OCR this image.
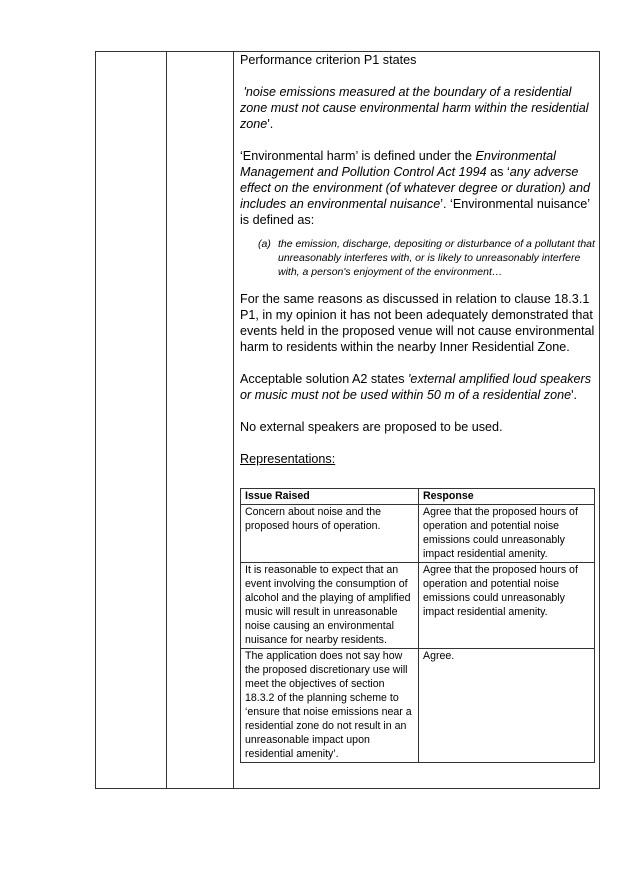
Performance criterion P1 states

'noise emissions measured at the boundary of a residential zone must not cause environmental harm within the residential zone'.

‘Environmental harm’ is defined under the Environmental Management and Pollution Control Act 1994 as ‘any adverse effect on the environment (of whatever degree or duration) and includes an environmental nuisance’. ‘Environmental nuisance’ is defined as:

(a) the emission, discharge, depositing or disturbance of a pollutant that unreasonably interferes with, or is likely to unreasonably interfere with, a person's enjoyment of the environment…

For the same reasons as discussed in relation to clause 18.3.1 P1, in my opinion it has not been adequately demonstrated that events held in the proposed venue will not cause environmental harm to residents within the nearby Inner Residential Zone.

Acceptable solution A2 states 'external amplified loud speakers or music must not be used within 50 m of a residential zone'.

No external speakers are proposed to be used.

Representations:

Issue Raised	Response
Concern about noise and the proposed hours of operation.	Agree that the proposed hours of operation and potential noise emissions could unreasonably impact residential amenity.
It is reasonable to expect that an event involving the consumption of alcohol and the playing of amplified music will result in unreasonable noise causing an environmental nuisance for nearby residents.	Agree that the proposed hours of operation and potential noise emissions could unreasonably impact residential amenity.
The application does not say how the proposed discretionary use will meet the objectives of section 18.3.2 of the planning scheme to ‘ensure that noise emissions near a residential zone do not result in an unreasonable impact upon residential amenity’.	Agree.
